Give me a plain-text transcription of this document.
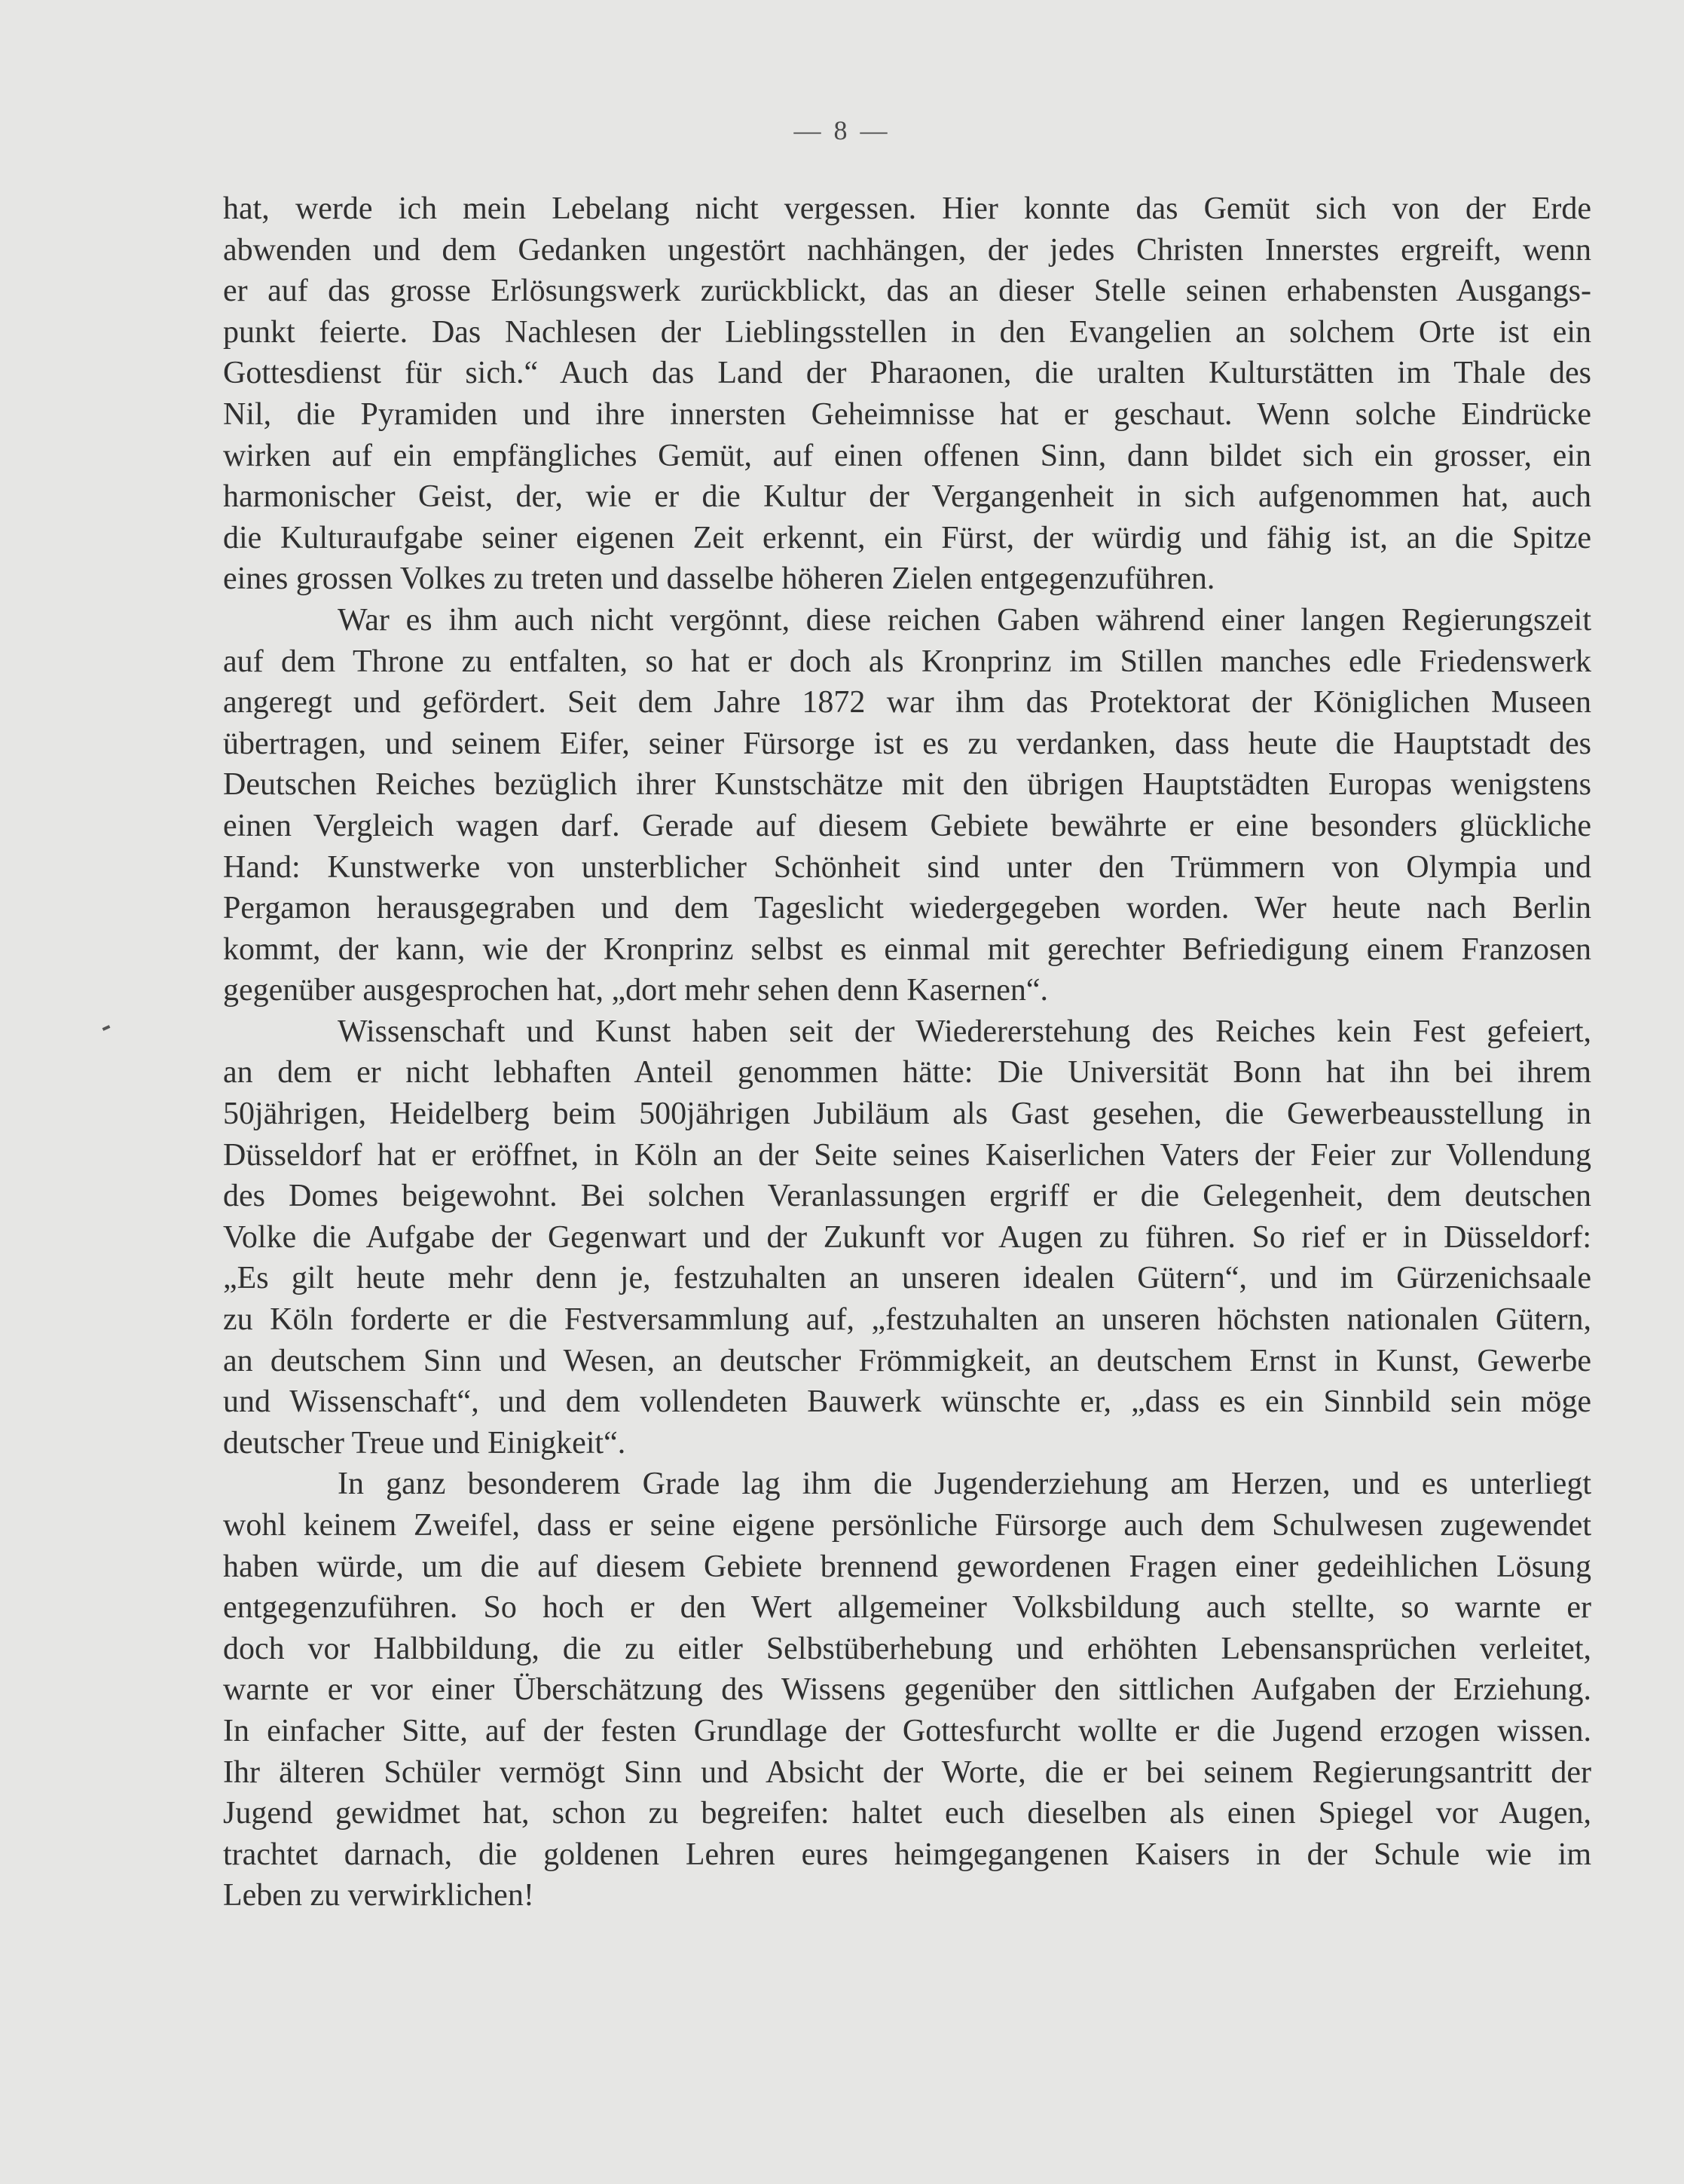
— 8 —
hat, werde ich mein Lebelang nicht vergessen. Hier konnte das Gemüt sich von der Erde
abwenden und dem Gedanken ungestört nachhängen, der jedes Christen Innerstes ergreift, wenn
er auf das grosse Erlösungswerk zurückblickt, das an dieser Stelle seinen erhabensten Ausgangs-
punkt feierte. Das Nachlesen der Lieblingsstellen in den Evangelien an solchem Orte ist ein
Gottesdienst für sich.“ Auch das Land der Pharaonen, die uralten Kulturstätten im Thale des
Nil, die Pyramiden und ihre innersten Geheimnisse hat er geschaut. Wenn solche Eindrücke
wirken auf ein empfängliches Gemüt, auf einen offenen Sinn, dann bildet sich ein grosser, ein
harmonischer Geist, der, wie er die Kultur der Vergangenheit in sich aufgenommen hat, auch
die Kulturaufgabe seiner eigenen Zeit erkennt, ein Fürst, der würdig und fähig ist, an die Spitze
eines grossen Volkes zu treten und dasselbe höheren Zielen entgegenzuführen.
War es ihm auch nicht vergönnt, diese reichen Gaben während einer langen Regierungszeit
auf dem Throne zu entfalten, so hat er doch als Kronprinz im Stillen manches edle Friedenswerk
angeregt und gefördert. Seit dem Jahre 1872 war ihm das Protektorat der Königlichen Museen
übertragen, und seinem Eifer, seiner Fürsorge ist es zu verdanken, dass heute die Hauptstadt des
Deutschen Reiches bezüglich ihrer Kunstschätze mit den übrigen Hauptstädten Europas wenigstens
einen Vergleich wagen darf. Gerade auf diesem Gebiete bewährte er eine besonders glückliche
Hand: Kunstwerke von unsterblicher Schönheit sind unter den Trümmern von Olympia und
Pergamon herausgegraben und dem Tageslicht wiedergegeben worden. Wer heute nach Berlin
kommt, der kann, wie der Kronprinz selbst es einmal mit gerechter Befriedigung einem Franzosen
gegenüber ausgesprochen hat, „dort mehr sehen denn Kasernen“.
Wissenschaft und Kunst haben seit der Wiedererstehung des Reiches kein Fest gefeiert,
an dem er nicht lebhaften Anteil genommen hätte: Die Universität Bonn hat ihn bei ihrem
50jährigen, Heidelberg beim 500jährigen Jubiläum als Gast gesehen, die Gewerbeausstellung in
Düsseldorf hat er eröffnet, in Köln an der Seite seines Kaiserlichen Vaters der Feier zur Vollendung
des Domes beigewohnt. Bei solchen Veranlassungen ergriff er die Gelegenheit, dem deutschen
Volke die Aufgabe der Gegenwart und der Zukunft vor Augen zu führen. So rief er in Düsseldorf:
„Es gilt heute mehr denn je, festzuhalten an unseren idealen Gütern“, und im Gürzenichsaale
zu Köln forderte er die Festversammlung auf, „festzuhalten an unseren höchsten nationalen Gütern,
an deutschem Sinn und Wesen, an deutscher Frömmigkeit, an deutschem Ernst in Kunst, Gewerbe
und Wissenschaft“, und dem vollendeten Bauwerk wünschte er, „dass es ein Sinnbild sein möge
deutscher Treue und Einigkeit“.
In ganz besonderem Grade lag ihm die Jugenderziehung am Herzen, und es unterliegt
wohl keinem Zweifel, dass er seine eigene persönliche Fürsorge auch dem Schulwesen zugewendet
haben würde, um die auf diesem Gebiete brennend gewordenen Fragen einer gedeihlichen Lösung
entgegenzuführen. So hoch er den Wert allgemeiner Volksbildung auch stellte, so warnte er
doch vor Halbbildung, die zu eitler Selbstüberhebung und erhöhten Lebensansprüchen verleitet,
warnte er vor einer Überschätzung des Wissens gegenüber den sittlichen Aufgaben der Erziehung.
In einfacher Sitte, auf der festen Grundlage der Gottesfurcht wollte er die Jugend erzogen wissen.
Ihr älteren Schüler vermögt Sinn und Absicht der Worte, die er bei seinem Regierungsantritt der
Jugend gewidmet hat, schon zu begreifen: haltet euch dieselben als einen Spiegel vor Augen,
trachtet darnach, die goldenen Lehren eures heimgegangenen Kaisers in der Schule wie im
Leben zu verwirklichen!
